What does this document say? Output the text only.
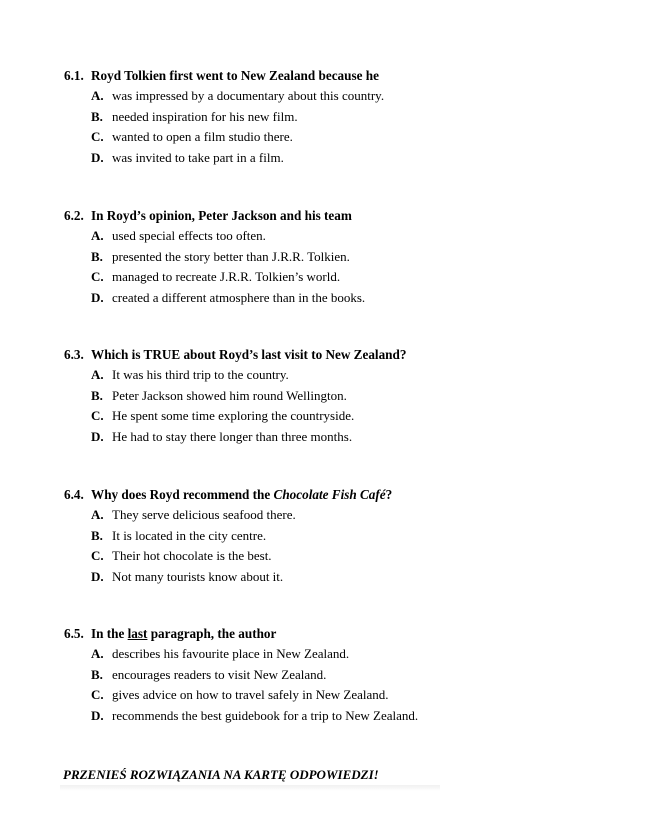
6.1. Royd Tolkien first went to New Zealand because he
A. was impressed by a documentary about this country.
B. needed inspiration for his new film.
C. wanted to open a film studio there.
D. was invited to take part in a film.
6.2. In Royd’s opinion, Peter Jackson and his team
A. used special effects too often.
B. presented the story better than J.R.R. Tolkien.
C. managed to recreate J.R.R. Tolkien’s world.
D. created a different atmosphere than in the books.
6.3. Which is TRUE about Royd’s last visit to New Zealand?
A. It was his third trip to the country.
B. Peter Jackson showed him round Wellington.
C. He spent some time exploring the countryside.
D. He had to stay there longer than three months.
6.4. Why does Royd recommend the Chocolate Fish Café?
A. They serve delicious seafood there.
B. It is located in the city centre.
C. Their hot chocolate is the best.
D. Not many tourists know about it.
6.5. In the last paragraph, the author
A. describes his favourite place in New Zealand.
B. encourages readers to visit New Zealand.
C. gives advice on how to travel safely in New Zealand.
D. recommends the best guidebook for a trip to New Zealand.
PRZENIEŚ ROZWIĄZANIA NA KARTĘ ODPOWIEDZI!
